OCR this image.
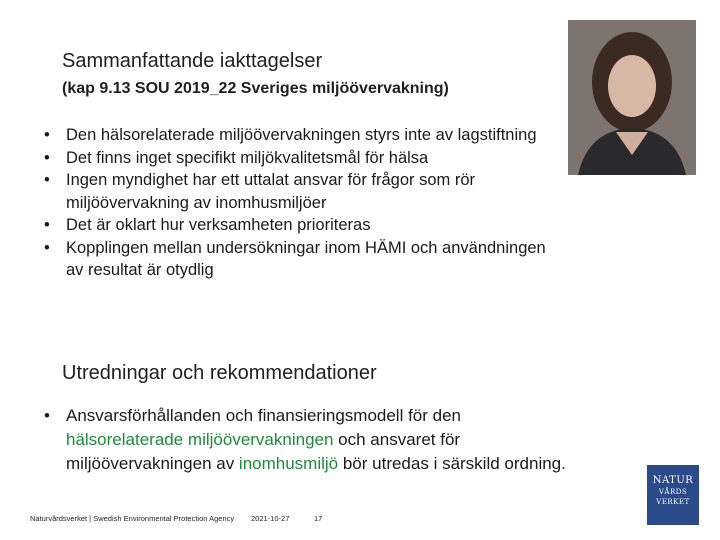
Sammanfattande iakttagelser
(kap 9.13 SOU 2019_22 Sveriges miljöövervakning)
• Den hälsorelaterade miljöövervakningen styrs inte av lagstiftning
• Det finns inget specifikt miljökvalitetsmål för hälsa
• Ingen myndighet har ett uttalat ansvar för frågor som rör miljöövervakning av inomhusmiljöer
• Det är oklart hur verksamheten prioriteras
• Kopplingen mellan undersökningar inom HÄMI och användningen av resultat är otydlig
Utredningar och rekommendationer
• Ansvarsförhållanden och finansieringsmodell för den hälsorelaterade miljöövervakningen och ansvaret för miljöövervakningen av inomhusmiljö bör utredas i särskild ordning.
Naturvårdsverket | Swedish Environmental Protection Agency 2021-10-27	17
NATUR
VÅRDS
VERKET
